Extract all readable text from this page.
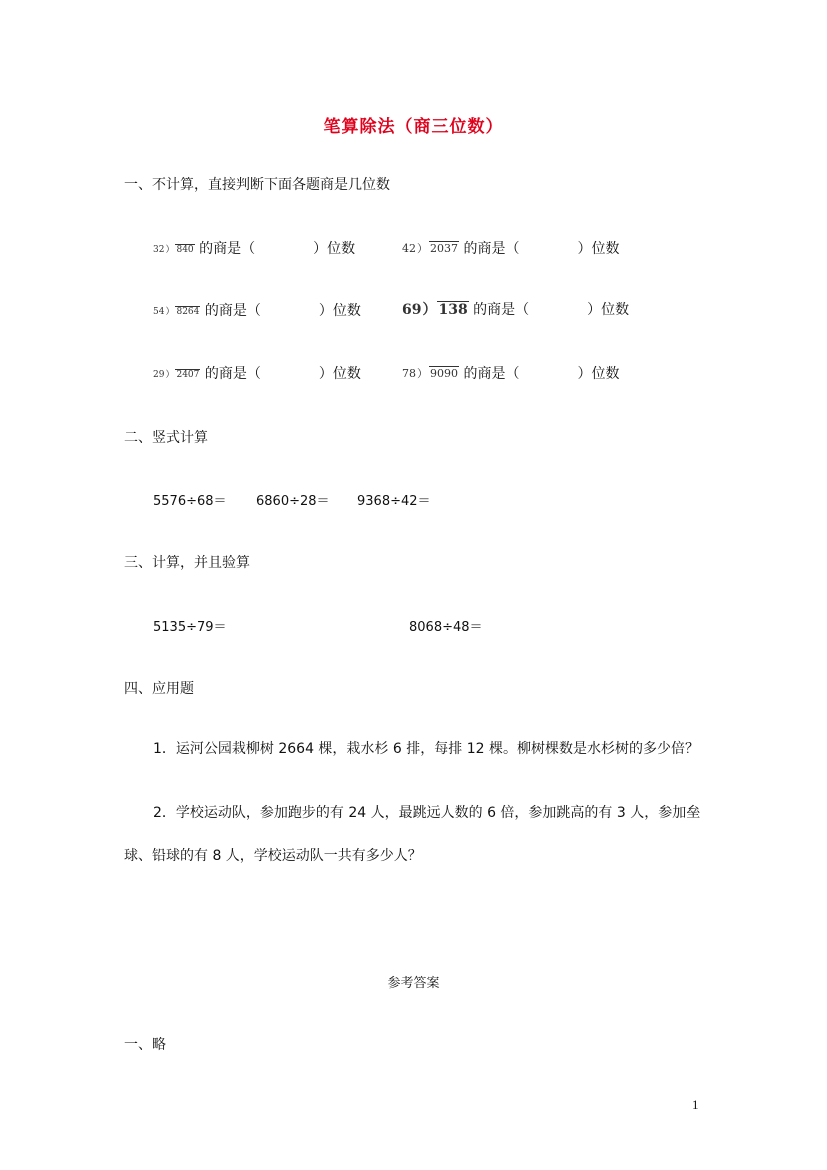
笔算除法（商三位数）
一、不计算，直接判断下面各题商是几位数
32） 840 的商是（	）位数	42） 2037 的商是（	）位数
54） 8264 的商是（	）位数	69） 138 的商是（	）位数
29） 2407 的商是（	）位数	78） 9090 的商是（	）位数
二、竖式计算
5576÷68＝ 6860÷28＝ 9368÷42＝
三、计算，并且验算
5135÷79＝	8068÷48＝
四、应用题
1．运河公园栽柳树 2664 棵，栽水杉 6 排，每排 12 棵。柳树棵数是水杉树的多少倍？
2．学校运动队，参加跑步的有 24 人，最跳远人数的 6 倍，参加跳高的有 3 人，参加垒
球、铅球的有 8 人，学校运动队一共有多少人？
参考答案
一、略
1
